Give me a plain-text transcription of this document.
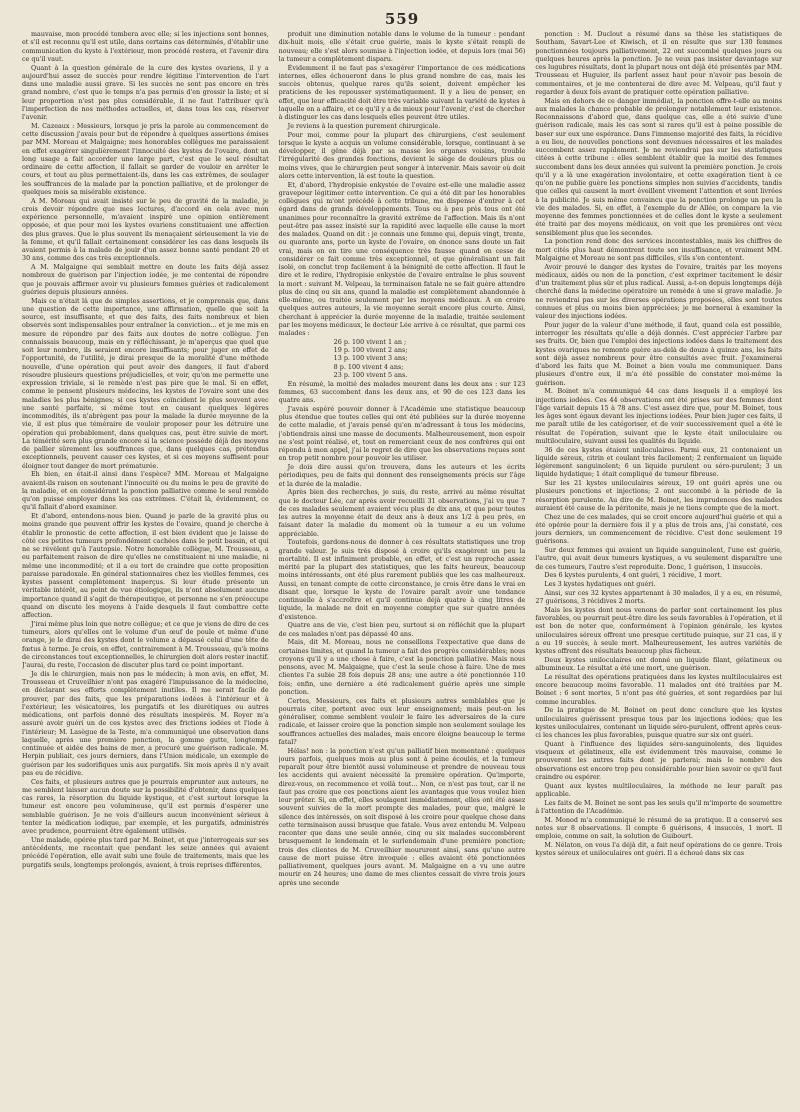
559

mauvaise, mon procédé tombera avec elle; si les injections sont bonnes, et s'il est reconnu qu'il est utile, dans certains cas déterminés, d'établir une communication du kyste à l'extérieur, mon procédé restera, et l'avenir dira ce qu'il vaut.

Quant à la question générale de la cure des kystes ovariens, il y a aujourd'hui assez de succès pour rendre légitime l'intervention de l'art dans une maladie aussi grave. Si les succès ne sont pas encore en très grand nombre, c'est que le temps n'a pas permis d'en grossir la liste; et si leur proportion n'est pas plus considérable, il ne faut l'attribuer qu'à l'imperfection de nos méthodes actuelles, et, dans tous les cas, réserver l'avenir.

M. Cazeaux : Messieurs, lorsque je pris la parole au commencement de cette discussion j'avais pour but de répondre à quelques assertions émises par MM. Moreau et Malgaigne; mes honorables collègues me paraissaient en effet exagérer singulièrement l'innocuité des kystes de l'ovaire, dont un long usage a fait accorder une large part, c'est que le seul résultat ordinaire de cette affection, il fallait se garder de vouloir en arrêter le cours, et tout au plus permettaient-ils, dans les cas extrêmes, de soulager les souffrances de la malade par la ponction palliative, et de prolonger de quelques mois sa misérable existence.

A M. Moreau qui avait insisté sur le peu de gravité de la maladie, je crois devoir répondre que mes lectures, d'accord en cela avec mon expérience personnelle, m'avaient inspiré une opinion entièrement opposée, et que pour moi les kystes ovariens constituaient une affection des plus graves. Que le plus souvent ils menaçaient sérieusement la vie de la femme, et qu'il fallait certainement considérer les cas dans lesquels ils avaient permis à la malade de jouir d'un assez bonne santé pendant 20 et 30 ans, comme des cas très exceptionnels.

A M. Malgaigne qui semblait mettre en doute les faits déjà assez nombreux de guérison par l'injection iodée, je me contentai de répondre que je pouvais affirmer avoir vu plusieurs femmes guéries et radicalement guéries depuis plusieurs années.

Mais ce n'était là que de simples assertions, et je comprenais que, dans une question de cette importance, une affirmation, quelle que soit la source, est insuffisante, et que des faits, des faits nombreux et bien observés sont indispensables pour entraîner la conviction... et je me mis en mesure de répondre par des faits aux doutes de notre collègue. J'en connaissais beaucoup, mais en y réfléchissant, je m'aperçus que quel que soit leur nombre, ils seraient encore insuffisants; pour juger en effet de l'opportunité, de l'utilité, je dirai presque de la moralité d'une méthode nouvelle, d'une opération qui peut avoir des dangers, il faut d'abord résoudre plusieurs questions préjudicielles, et voir, qu'on me permette une expression triviale, si le remède n'est pas pire que le mal. Si en effet, comme le pensent plusieurs médecins, les kystes de l'ovaire sont une des maladies les plus bénignes; si ces kystes coïncident le plus souvent avec une santé parfaite, si même tout en causant quelques légères incommodités, ils n'abrègent pas pour la malade la durée moyenne de la vie, il est plus que téméraire de vouloir proposer pour les détruire une opération qui probablement, dans quelques cas, peut être suivie de mort. La témérité sera plus grande encore si la science possède déjà des moyens de pallier sûrement les souffrances que, dans quelques cas, prétendus exceptionnels, peuvent causer ces kystes, et si ces moyens suffisent pour éloigner tout danger de mort prématurée.

Eh bien, en était-il ainsi dans l'espèce? MM. Moreau et Malgaigne avaient-ils raison en soutenant l'innocuité ou du moins le peu de gravité de la maladie, et en considérant la ponction palliative comme le seul remède qu'on puisse employer dans les cas extrêmes. C'était là, évidemment, ce qu'il fallait d'abord examiner.

Et d'abord, entendons-nous bien. Quand je parle de la gravité plus ou moins grande que peuvent offrir les kystes de l'ovaire, quand je cherche à établir le pronostic de cette affection, il est bien évident que je laisse de côté ces petites tumeurs profondément cachées dans le petit bassin, et qui ne se révèlent qu'à l'autopsie. Notre honorable collègue, M. Trousseau, a eu parfaitement raison de dire qu'elles ne constituaient ni une maladie, ni même une incommodité; et il a eu tort de craindre que cette proposition paraisse paradoxale. En général stationnaires chez les vieilles femmes, ces kystes passent complètement inaperçus. Si leur étude présente un véritable intérêt, au point de vue étiologique, ils n'ont absolument aucune importance quand il s'agit de thérapeutique, et personne ne s'en préoccupe quand on discute les moyens à l'aide desquels il faut combattre cette affection.

J'irai même plus loin que notre collègue; et ce que je viens de dire de ces tumeurs, alors qu'elles ont le volume d'un œuf de poule et même d'une orange, je le dirai des kystes dont le volume a dépassé celui d'une tête de fœtus à terme. Je crois, en effet, contrairement à M. Trousseau, qu'à moins de circonstances tout exceptionnelles, le chirurgien doit alors rester inactif. J'aurai, du reste, l'occasion de discuter plus tard ce point important.

Je dis le chirurgien, mais non pas le médecin; à mon avis, en effet, M. Trousseau et Cruveilhier n'ont pas exagéré l'impuissance de la médecine, en déclarant ses efforts complètement inutiles. Il me serait facile de prouver, par des faits, que les préparations iodées à l'intérieur et à l'extérieur, les vésicatoires, les purgatifs et les diurétiques ou autres médications, ont parfois donné des résultats inespérés. M. Royer m'a assuré avoir guéri un de ces kystes avec des frictions iodées et l'iode à l'intérieur; M. Lasègue de la Teste, m'a communiqué une observation dans laquelle, après une première ponction, la gomme gutte, longtemps continuée et aidée des bains de mer, a procuré une guérison radicale. M. Herpin publiait, ces jours derniers, dans l'Union médicale, un exemple de guérison par les sudorifiques unis aux purgatifs. Six mois après il n'y avait pas eu de récidive.

Ces faits, et plusieurs autres que je pourrais emprunter aux auteurs, ne me semblent laisser aucun doute sur la possibilité d'obtenir, dans quelques cas rares, la résorption du liquide kystique, et c'est surtout lorsque la tumeur est encore peu volumineuse, qu'il est permis d'espérer une semblable guérison. Je ne vois d'ailleurs aucun inconvénient sérieux à tenter la médication iodique, par exemple, et les purgatifs, administrés avec prudence, pourraient être également utilisés.

Une malade, opérée plus tard par M. Boinet, et que j'interrogeais sur ses antécédents, me racontait que pendant les seize années qui avaient précédé l'opération, elle avait subi une foule de traitements, mais que les purgatifs seuls, longtemps prolongés, avaient, à trois reprises différentes,

produit une diminution notable dans le volume de la tumeur : pendant dix-huit mois, elle s'était crue guérie, mais le kyste s'était rempli de nouveau; elle s'est alors soumise à l'injection iodée, et depuis lors (mai 56) la tumeur a complètement disparu.

Évidemment il ne faut pas s'exagérer l'importance de ces médications internes, elles échoueront dans le plus grand nombre de cas, mais les succès obtenus, quelque rares qu'ils soient, doivent empêcher les praticiens de les repousser systématiquement. Il y a lieu de penser, en effet, que leur efficacité doit être très variable suivant la variété de kystes à laquelle on a affaire, et ce qu'il y a de mieux pour l'avenir, c'est de chercher à distinguer les cas dans lesquels elles peuvent être utiles.

Je reviens à la question purement chirurgicale.

Pour moi, comme pour la plupart des chirurgiens, c'est seulement lorsque le kyste a acquis un volume considérable, lorsque, continuant à se développer, il gêne déjà par sa masse les organes voisins, trouble l'irrégularité des grandes fonctions, devient le siège de douleurs plus ou moins vives, que le chirurgien peut songer à intervenir. Mais savoir où doit alors cette intervention, là est toute la question.

Et, d'abord, l'hydropisie enkystée de l'ovaire est-elle une maladie assez gravepour légitimer cette intervention. Ce qui a été dit par les honorables collègues qui m'ont précédé à cette tribune, me dispense d'entrer à cet égard dans de grands développements. Tous ou à peu près tous ont été unanimes pour reconnaître la gravité extrême de l'affection. Mais ils n'ont peut-être pas assez insisté sur la rapidité avec laquelle elle cause la mort des malades. Quand on dit : je connais une femme qui, depuis vingt, trente, ou quarante ans, porte un kyste de l'ovaire, on énonce sans doute un fait vrai, mais on en tire une conséquence très fausse quand on cesse de considérer ce fait comme très exceptionnel, et que généralisant un fait isolé, on conclut trop facilement à la bénignité de cette affection. Il faut le dire et le redire, l'hydropisie enkystée de l'ovaire entraîne le plus souvent la mort : suivant M. Velpeau, la terminaison fatale ne se fait guère attendre plus de cinq ou six ans, quand la maladie est complètement abandonnée à elle-même, ou traitée seulement par les moyens médicaux. A en croire quelques autres auteurs, la vie moyenne serait encore plus courte. Ainsi, cherchant à apprécier la durée moyenne de la maladie, traitée seulement par les moyens médicaux, le docteur Lée arrive à ce résultat, que parmi ces malades :

26 p. 100 vivent 1 an ;
19 p. 100 vivent 2 ans;
13 p. 100 vivent 3 ans;
8 p. 100 vivent 4 ans;
23 p. 100 vivent 5 ans.

En résumé, la moitié des malades meurent dans les deux ans : sur 123 femmes, 63 succombent dans les deux ans, et 90 de ces 123 dans les quatre ans.

J'avais espéré pouvoir donner à l'Académie une statistique beaucoup plus étendue que toutes celles qui ont été publiées sur la durée moyenne de cette maladie, et j'avais pensé qu'en m'adressant à tous les médecins, j'obtiendrais ainsi une masse de documents. Malheureusement, mon espoir ne s'est point réalisé, et, tout en remerciant ceux de nos confrères qui ont répondu à mon appel, j'ai le regret de dire que les observations reçues sont en trop petit nombre pour pouvoir les utiliser.

Je dois dire aussi qu'on trouvera, dans les auteurs et les écrits périodiques, peu de faits qui donnent des renseignements précis sur l'âge et la durée de la maladie.

Après bien des recherches, je suis, du reste, arrivé au même résultat que le docteur Lée, car après avoir recueilli 31 observations, j'ai vu que 7 de ces malades seulement avaient vécu plus de dix ans, et que pour toutes les autres la moyenne était de deux ans à deux ans 1/2 à peu près, en faisant dater la maladie du moment où la tumeur a eu un volume appréciable.

Toutefois, gardons-nous de donner à ces résultats statistiques une trop grande valeur. Je suis très disposé à croire qu'ils exagèrent un peu la mortalité. Il est infiniment probable, en effet, et c'est un reproche assez mérité par la plupart des statistiques, que les faits heureux, beaucoup moins intéressants, ont été plus rarement publiés que les cas malheureux. Aussi, en tenant compte de cette circonstance, je crois être dans le vrai en disant que, lorsque le kyste de l'ovaire paraît avoir une tendance continuelle à s'accroître et qu'il continue déjà quatre à cinq litres de liquide, la malade ne doit en moyenne compter que sur quatre années d'existence.

Quatre ans de vie, c'est bien peu, surtout si on réfléchit que la plupart de ces malades n'ont pas dépassé 40 ans.

Mais, dit M. Moreau, nous ne conseillons l'expectative que dans de certaines limites, et quand la tumeur a fait des progrès considérables; nous croyons qu'il y a une chose à faire, c'est la ponction palliative. Mais nous pensons, avec M. Malgaigne, que c'est la seule chose à faire. Une de mes clientes l'a subie 28 fois depuis 28 ans; une autre a été ponctionnée 110 fois; enfin, une dernière a été radicalement guérie après une simple ponction.

Certes, Messieurs, ces faits et plusieurs autres semblables que je pourrais citer, portent avec eux leur enseignement; mais peut-on les généraliser, comme semblent vouloir le faire les adversaires de la cure radicale, et laisser croire que la ponction simple non seulement soulage les souffrances actuelles des malades, mais encore éloigne beaucoup le terme fatal?

Hélas! non : la ponction n'est qu'un palliatif bien momentané : quelques jours parfois, quelques mois au plus sont à peine écoulés, et la tumeur reparaît pour être bientôt aussi volumineuse et prendre de nouveau tous les accidents qui avaient nécessité la première opération. Qu'importe, direz-vous, on recommence et voilà tout... Non, ce n'est pas tout, car il ne faut pas croire que ces ponctions aient les avantages que vous voulez bien leur prêter. Si, en effet, elles soulagent immédiatement, elles ont été assez souvent suivies de la mort prompte des malades, pour que, malgré le silence des intéressés, on soit disposé à les croire pour quelque chose dans cette terminaison aussi brusque que fatale. Vous avez entendu M. Velpeau raconter que dans une seule année, cinq ou six malades succombèrent brusquement le lendemain et le surlendemain d'une première ponction; trois des clientes de M. Cruveilhier moururent ainsi, sans qu'une autre cause de mort puisse être invoquée : elles avaient été ponctionnées palliativement, quelques jours avant. M. Malgaigne en a vu une autre mourir en 24 heures; une dame de mes clientes cessait de vivre trois jours après une seconde

ponction : M. Duclout a résumé dans sa thèse les statistiques de Southam, Savart-Lee et Kiwisch, et il en résulte que sur 130 femmes ponctionnées toujours palliativement, 22 ont succombé quelques jours ou quelques heures après la ponction. Je ne veux pas insister davantage sur ces lugubres résultats, dont la plupart nous ont déjà été présentés par MM. Trousseau et Huguier, ils parlent assez haut pour n'avoir pas besoin de commentaires, et je me contenterai de dire avec M. Velpeau, qu'il faut y regarder à deux fois avant de pratiquer cette opération palliative.

Mais en dehors de ce danger immédiat, la ponction offre-t-elle au moins aux malades la chance probable de prolonger notablement leur existence. Reconnaissons d'abord que, dans quelque cas, elle a été suivie d'une guérison radicale, mais les cas sont si rares qu'il est à peine possible de baser sur eux une espérance. Dans l'immense majorité des faits, la récidive a eu lieu, de nouvelles ponctions sont devenues nécessaires et les malades succombent assez rapidement. Je ne reviendrai pas sur les statistiques citées à cette tribune : elles semblent établir que la moitié des femmes succombent dans les deux années qui suivent la première ponction. Je crois qu'il y a là une exagération involontaire, et cette exagération tient à ce qu'on ne publie guère les ponctions simples non suivies d'accidents, tandis que celles qui causent la mort éveillent vivement l'attention et sont livrées à la publicité. Je suis même convaincu que la ponction prolonge un peu la vie des malades. Si, en effet, à l'exemple du dr Allée, on compare la vie moyenne des femmes ponctionnées et de celles dont le kyste a seulement été traité par des moyens médicaux, on voit que les premières ont vécu sensiblement plus que les secondes.

La ponction rend donc des services incontestables, mais les chiffres de mort cités plus haut démontrent toute son insuffisance, et vraiment MM. Malgaigne et Moreau ne sont pas difficiles, s'ils s'en contentent.

Avoir prouvé le danger des kystes de l'ovaire, traités par les moyens médicaux, aidés ou non de la ponction, c'est exprimer tacitement le désir d'un traitement plus sûr et plus radical. Aussi, a-t-on depuis longtemps déjà cherché dans la médecine opératoire un remède à une si grave maladie. Je ne reviendrai pas sur les diverses opérations proposées, elles sont toutes connues et plus ou moins bien appréciées; je me bornerai à examiner la valeur des injections iodées.

Pour juger de la valeur d'une méthode, il faut, quand cela est possible, interroger les résultats qu'elle a déjà donnés. C'est apprécier l'arbre par ses fruits. Or, bien que l'emploi des injections iodées dans le traitement des kystes ovariques ne remonte guère au-delà de douze à quinze ans, les faits sont déjà assez nombreux pour être consultés avec fruit. J'examinerai d'abord les faits que M. Boinet a bien voulu me communiquer. Dans plusieurs d'entre eux, il m'a été possible de constater moi-même la guérison.

M. Boinet m'a communiqué 44 cas dans lesquels il a employé les injections iodées. Ces 44 observations ont été prises sur des femmes dont l'âge variait depuis 15 à 78 ans. C'est assez dire que, pour M. Boinet, tous les âges sont égaux devant les injections iodées. Pour bien juger ces faits, il me paraît utile de les catégoriser, et de voir successivement quel a été le résultat de l'opération, suivant que le kyste était uniloculaire ou multiloculaire, suivant aussi les qualités du liquide.

36 de ces kystes étaient uniloculaires. Parmi eux, 21 contenaient un liquide séreux, citrin et coulant très facilement; 2 renfermaient un liquide légèrement sanguinolent; 6 un liquide purulent ou séro-purulent; 3 un liquide hydatique; 1 était compliqué de tumeur fibreuse.

Sur les 21 kystes uniloculaires séreux, 19 ont guéri après une ou plusieurs ponctions et injections; 2 ont succombé à la période de la résorption purulente. Au dire de M. Boinet, les imprudences des malades auraient été cause de la péritonite, mais je ne tiens compte que de la mort.

Chez une de ces malades, qui se croit encore aujourd'hui guérie et qui a été opérée pour la dernière fois il y a plus de trois ans, j'ai constaté, ces jours derniers, un commencement de récidive. C'est donc seulement 19 guérisons.

Sur deux femmes qui avaient un liquide sanguinolent, l'une est guérie, l'autre, qui avait deux tumeurs kystiques, a vu seulement disparaître une de ces tumeurs, l'autre s'est reproduite. Donc, 1 guérison, 1 insuccès.

Des 6 kystes purulents, 4 ont guéri, 1 récidive, 1 mort.

Les 3 kystes hydatiques ont guéri.

Ainsi, sur ces 32 kystes appartenant à 30 malades, il y a eu, en résumé, 27 guérisons, 3 récidives 2 morts.

Mais les kystes dont nous venons de parler sont certainement les plus favorables, ou pourrait peut-être dire les seuls favorables à l'opération, et il est bon de noter que, conformément à l'opinion générale, les kystes uniloculaires séreux offrent une presque certitude puisque, sur 21 cas, il y a eu 19 succès, à seule mort. Malheureusement, les autres variétés de kystes offrent des résultats beaucoup plus fâcheux.

Deux kystes uniloculaires ont donné un liquide filant, gélatineux ou albumineux. Le résultat a été une mort, une guérison.

Le résultat des opérations pratiquées dans les kystes multiloculaires est encore beaucoup moins favorable. 11 malades ont été traitées par M. Boinet : 6 sont mortes, 5 n'ont pas été guéries, et sont regardées par lui comme incurables.

De la pratique de M. Boinet on peut donc conclure que les kystes uniloculaires guérissent presque tous par les injections iodées; que les kystes uniloculaires, contenant un liquide séro-purulent, offrent après ceux-ci les chances les plus favorables, puisque quatre sur six ont guéri.

Quant à l'influence des liquides séro-sanguinolents, des liquides visqueux et gélatineux, elle est évidemment très mauvaise, comme le prouveront les autres faits dont je parlerai; mais le nombre des observations est encore trop peu considérable pour bien savoir ce qu'il faut craindre ou espérer.

Quant aux kystes multiloculaires, la méthode ne leur paraît pas applicable.

Les faits de M. Boinet ne sont pas les seuls qu'il m'importe de soumettre à l'attention de l'Académie.

M. Monod m'a communiqué le résumé de sa pratique. Il a conservé ses notes sur 8 observations. Il compte 6 guérisons, 4 insuccès, 1 mort. Il emploie, comme on sait, la solution de Guibourt.

M. Nélaton, on vous l'a déjà dit, a fait neuf opérations de ce genre. Trois kystes séreux et uniloculaires ont guéri. Il a échoué dans six cas
